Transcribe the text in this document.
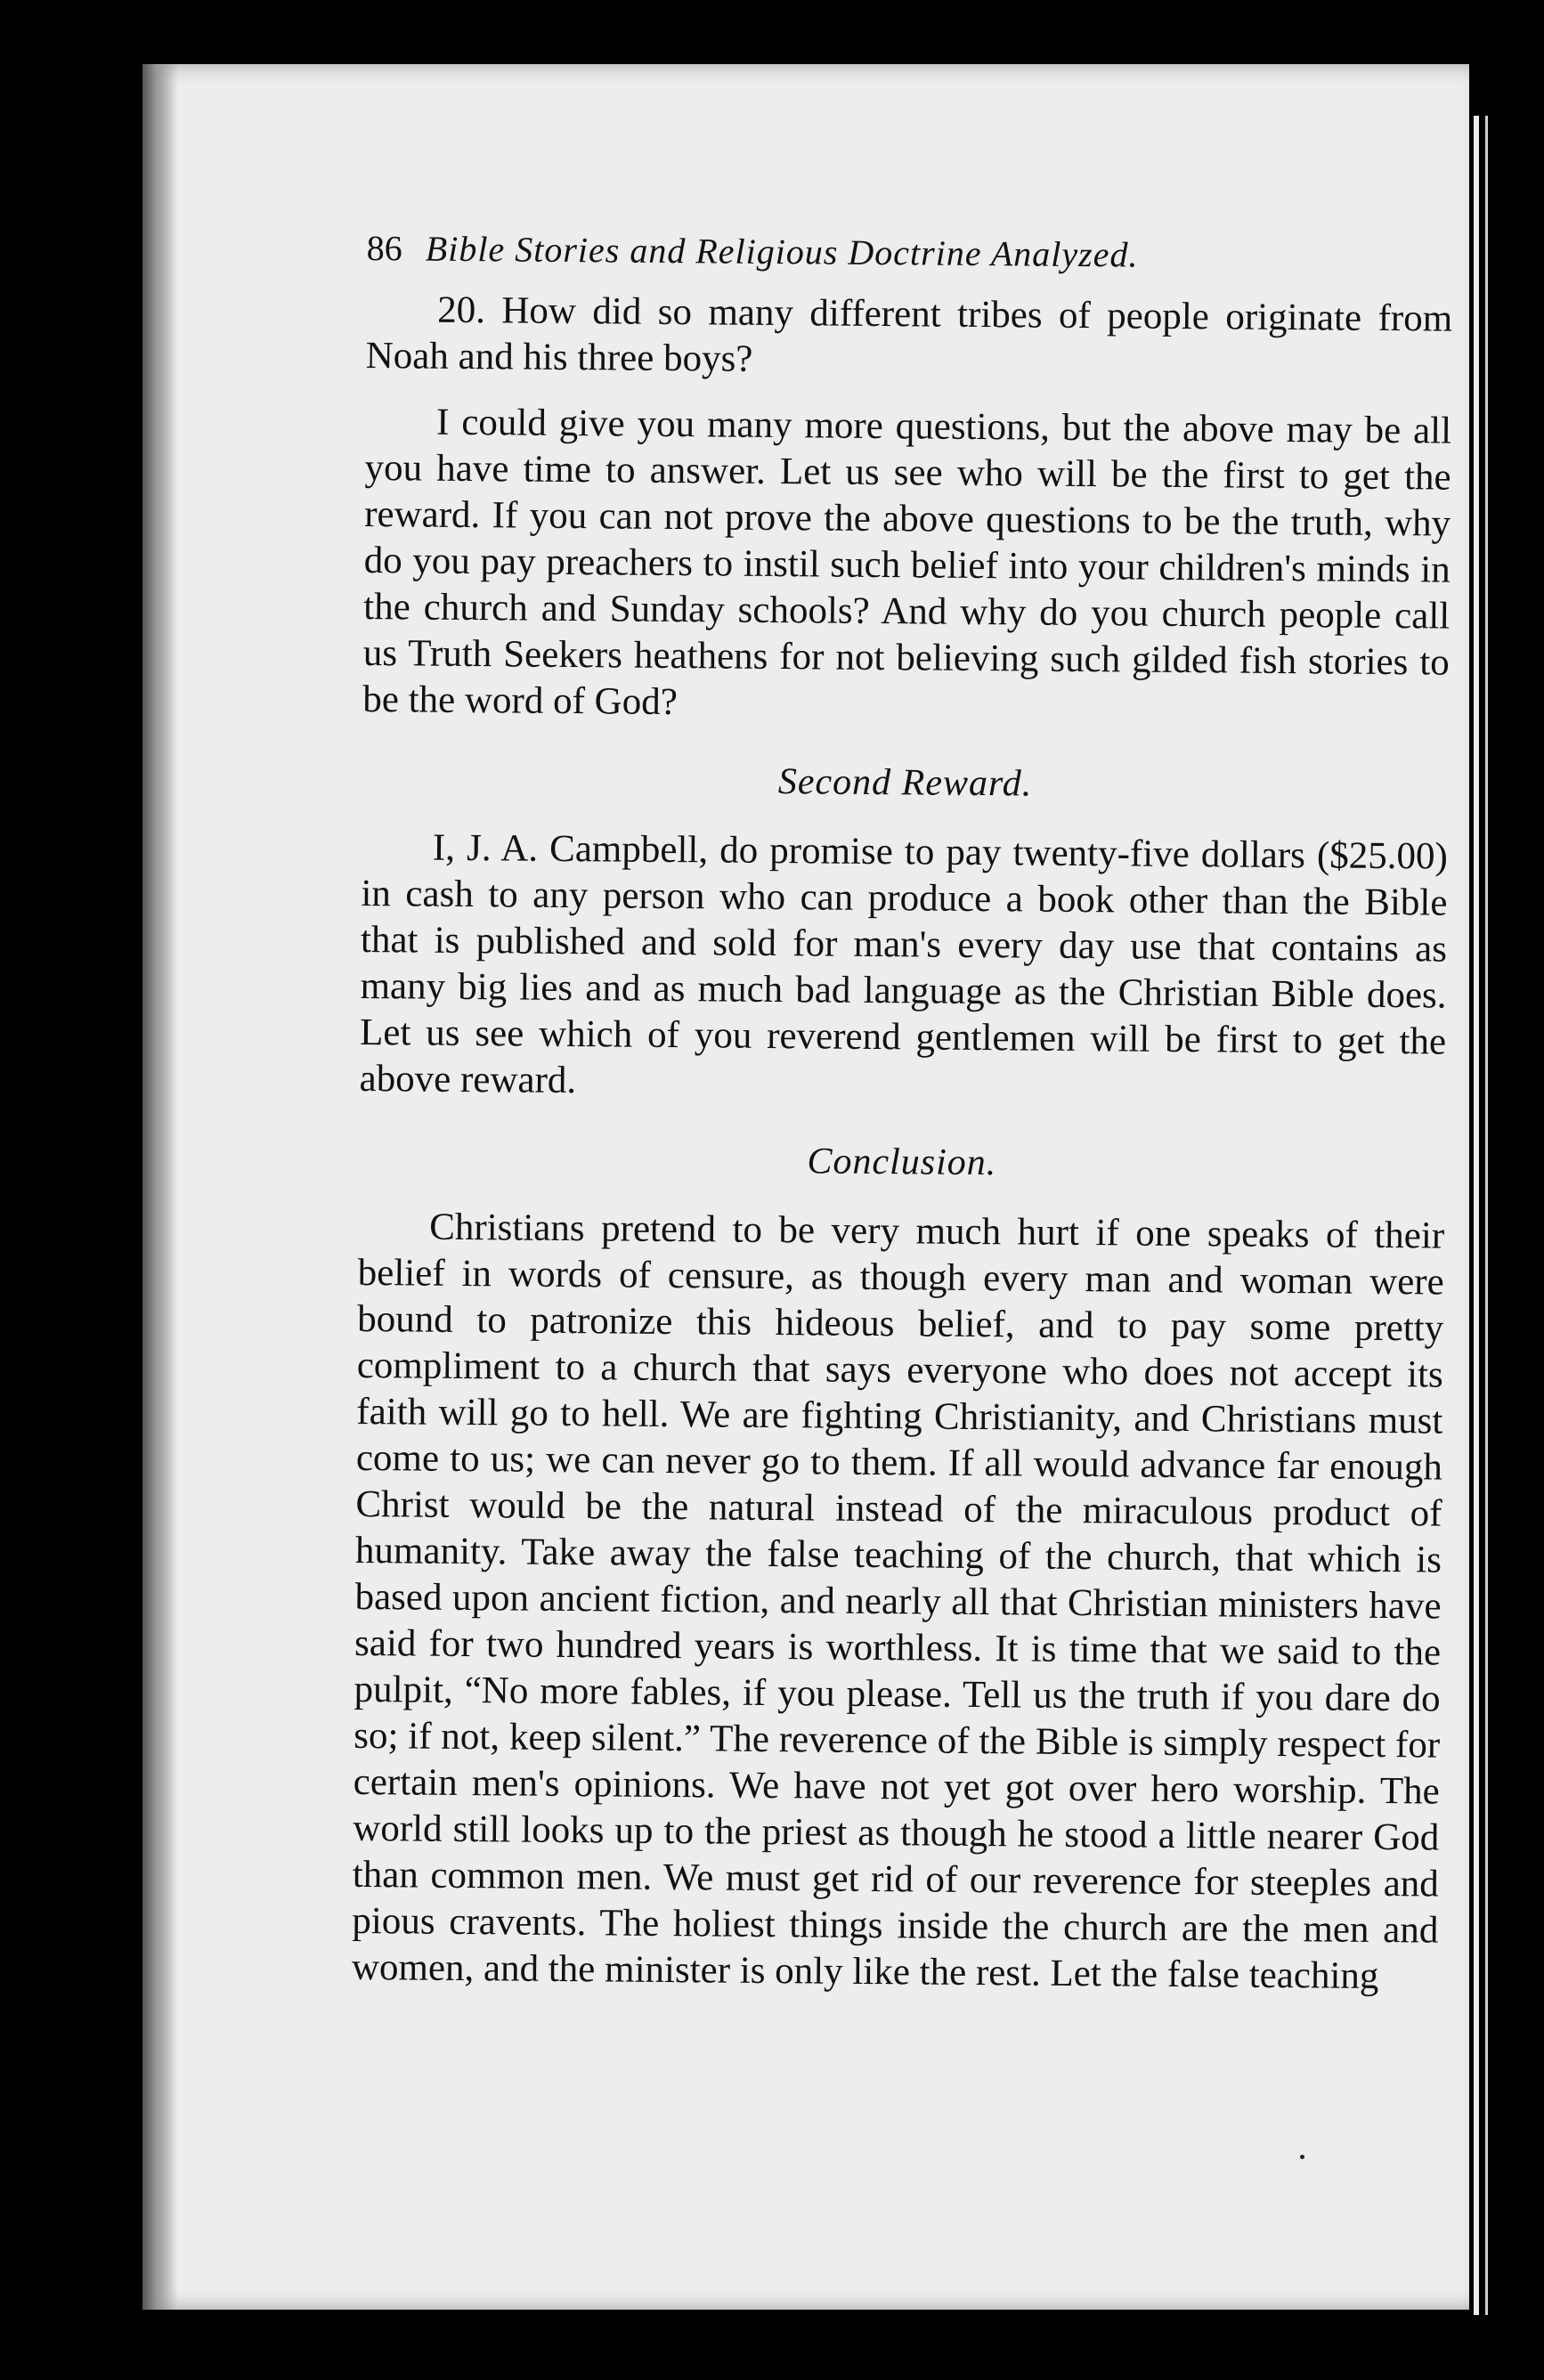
86 Bible Stories and Religious Doctrine Analyzed.

20. How did so many different tribes of people originate from Noah and his three boys?

I could give you many more questions, but the above may be all you have time to answer. Let us see who will be the first to get the reward. If you can not prove the above questions to be the truth, why do you pay preachers to instil such belief into your children's minds in the church and Sunday schools? And why do you church people call us Truth Seekers heathens for not believing such gilded fish stories to be the word of God?

Second Reward.

I, J. A. Campbell, do promise to pay twenty-five dollars ($25.00) in cash to any person who can produce a book other than the Bible that is published and sold for man's every day use that contains as many big lies and as much bad language as the Christian Bible does. Let us see which of you reverend gentlemen will be first to get the above reward.

Conclusion.

Christians pretend to be very much hurt if one speaks of their belief in words of censure, as though every man and woman were bound to patronize this hideous belief, and to pay some pretty compliment to a church that says everyone who does not accept its faith will go to hell. We are fighting Christianity, and Christians must come to us; we can never go to them. If all would advance far enough Christ would be the natural instead of the miraculous product of humanity. Take away the false teaching of the church, that which is based upon ancient fiction, and nearly all that Christian ministers have said for two hundred years is worthless. It is time that we said to the pulpit, “No more fables, if you please. Tell us the truth if you dare do so; if not, keep silent.” The reverence of the Bible is simply respect for certain men's opinions. We have not yet got over hero worship. The world still looks up to the priest as though he stood a little nearer God than common men. We must get rid of our reverence for steeples and pious cravents. The holiest things inside the church are the men and women, and the minister is only like the rest. Let the false teaching
